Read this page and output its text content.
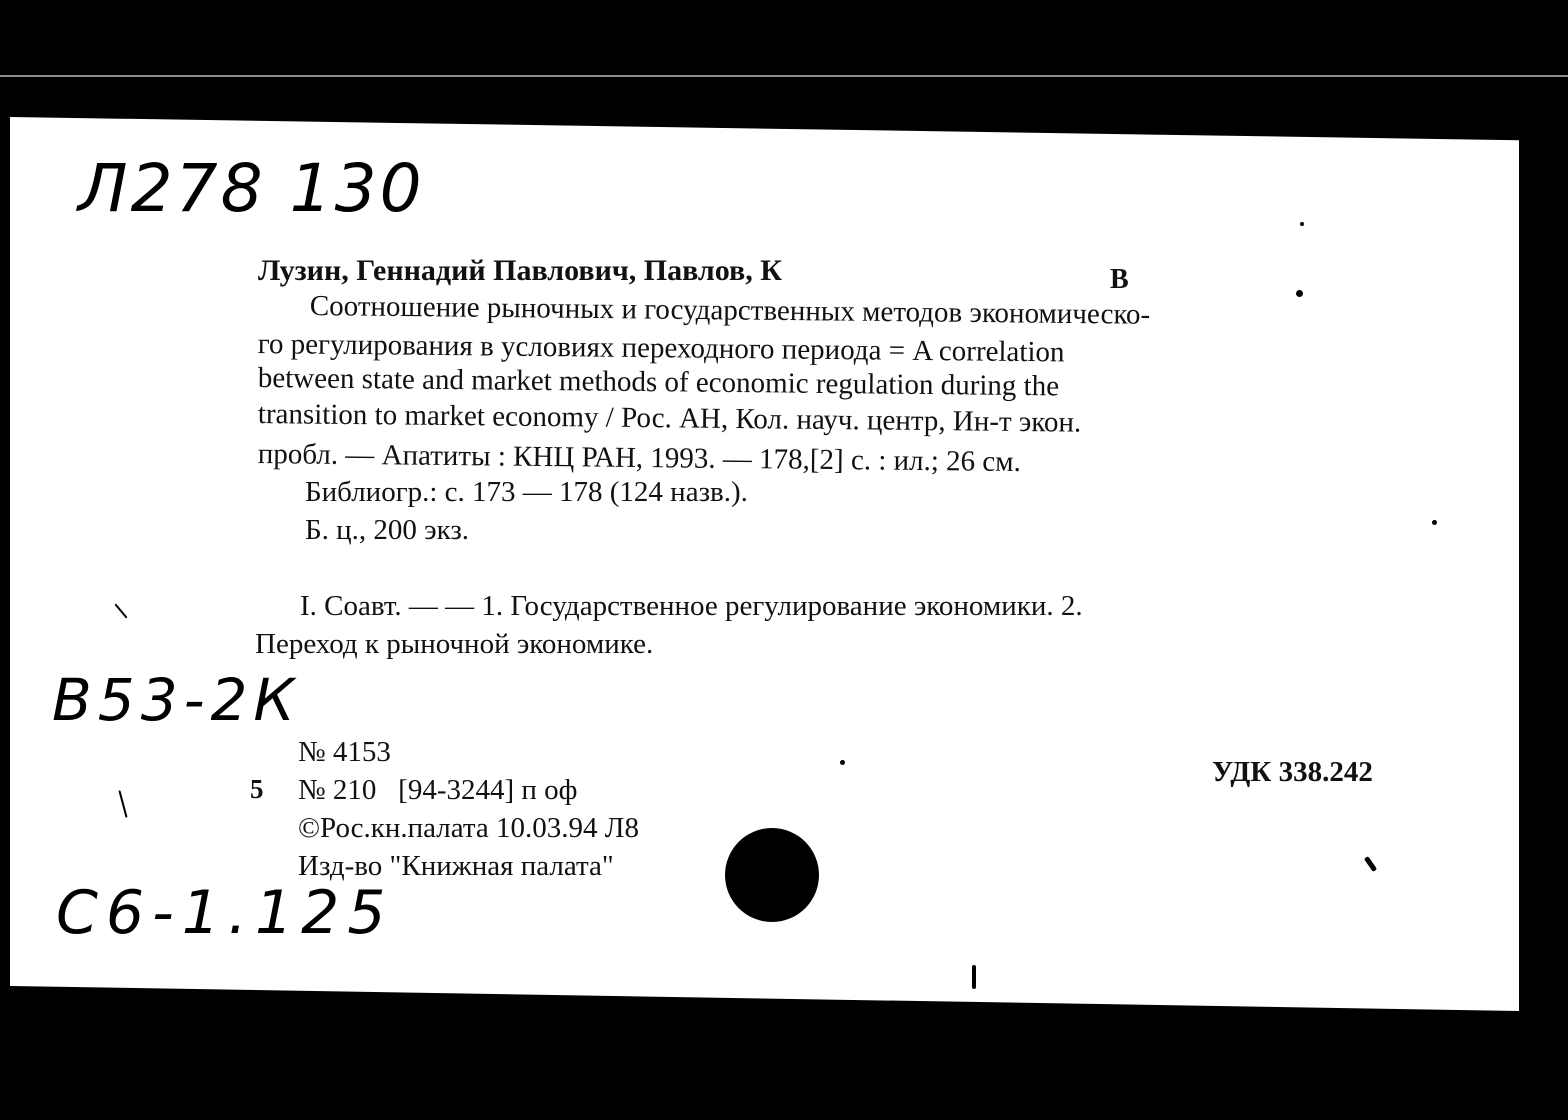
Л278 130
В53-2К
С6-1.125
Лузин, Геннадий Павлович, Павлов, К	В
Соотношение рыночных и государственных методов экономическо-
го регулирования в условиях переходного периода = A correlation
between state and market methods of economic regulation during the
transition to market economy / Рос. АН, Кол. науч. центр, Ин-т экон.
пробл. — Апатиты : КНЦ РАН, 1993. — 178,[2] с. : ил.; 26 см.
Библиогр.: с. 173 — 178 (124 назв.).
Б. ц., 200 экз.
I. Соавт. — — 1. Государственное регулирование экономики. 2.
Переход к рыночной экономике.
№ 4153
5 № 210   [94-3244] п оф
©Рос.кн.палата 10.03.94 Л8
Изд-во "Книжная палата"
УДК 338.242
